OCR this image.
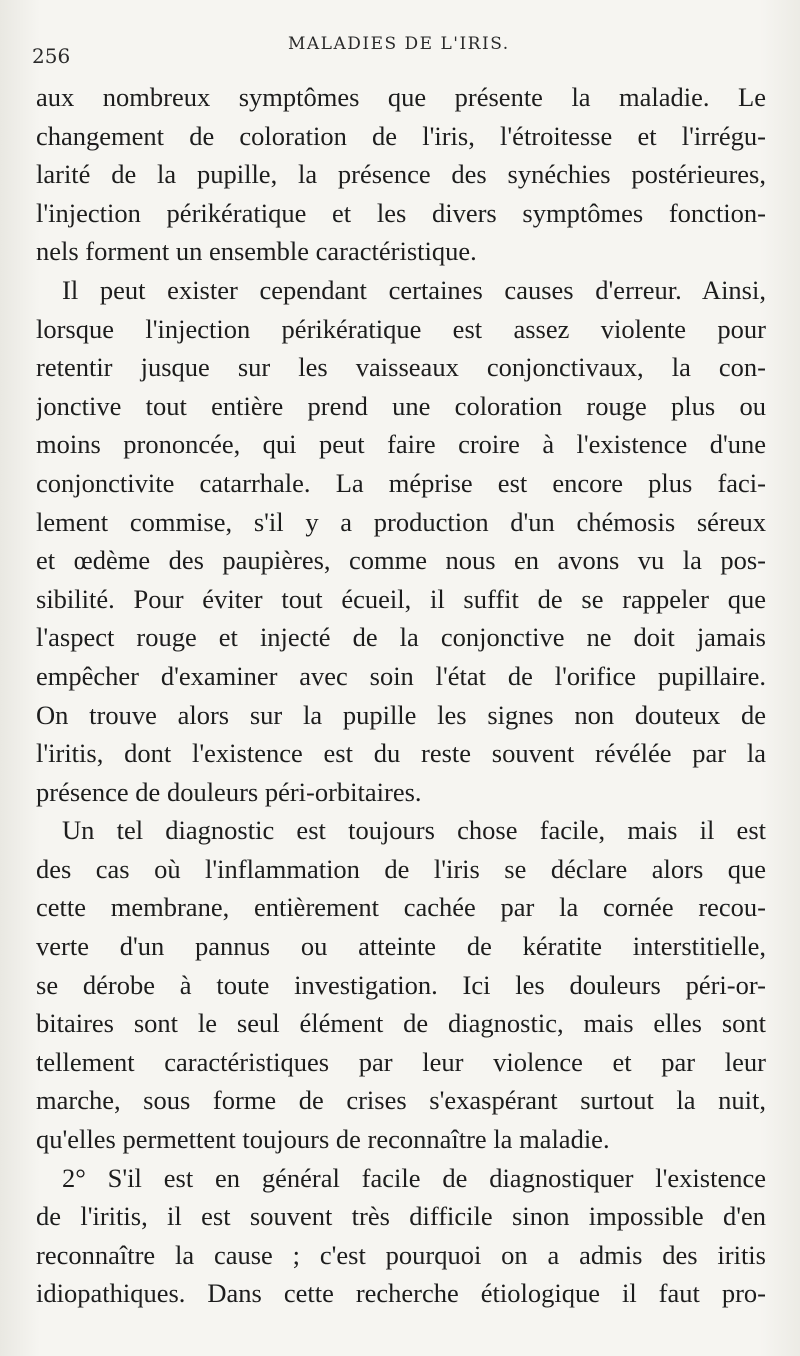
256	MALADIES DE L'IRIS.
aux nombreux symptômes que présente la maladie. Le
changement de coloration de l'iris, l'étroitesse et l'irrégu-
larité de la pupille, la présence des synéchies postérieures,
l'injection périkératique et les divers symptômes fonction-
nels forment un ensemble caractéristique.
Il peut exister cependant certaines causes d'erreur. Ainsi,
lorsque l'injection périkératique est assez violente pour
retentir jusque sur les vaisseaux conjonctivaux, la con-
jonctive tout entière prend une coloration rouge plus ou
moins prononcée, qui peut faire croire à l'existence d'une
conjonctivite catarrhale. La méprise est encore plus faci-
lement commise, s'il y a production d'un chémosis séreux
et œdème des paupières, comme nous en avons vu la pos-
sibilité. Pour éviter tout écueil, il suffit de se rappeler que
l'aspect rouge et injecté de la conjonctive ne doit jamais
empêcher d'examiner avec soin l'état de l'orifice pupillaire.
On trouve alors sur la pupille les signes non douteux de
l'iritis, dont l'existence est du reste souvent révélée par la
présence de douleurs péri-orbitaires.
Un tel diagnostic est toujours chose facile, mais il est
des cas où l'inflammation de l'iris se déclare alors que
cette membrane, entièrement cachée par la cornée recou-
verte d'un pannus ou atteinte de kératite interstitielle,
se dérobe à toute investigation. Ici les douleurs péri-or-
bitaires sont le seul élément de diagnostic, mais elles sont
tellement caractéristiques par leur violence et par leur
marche, sous forme de crises s'exaspérant surtout la nuit,
qu'elles permettent toujours de reconnaître la maladie.
2° S'il est en général facile de diagnostiquer l'existence
de l'iritis, il est souvent très difficile sinon impossible d'en
reconnaître la cause ; c'est pourquoi on a admis des iritis
idiopathiques. Dans cette recherche étiologique il faut pro-
